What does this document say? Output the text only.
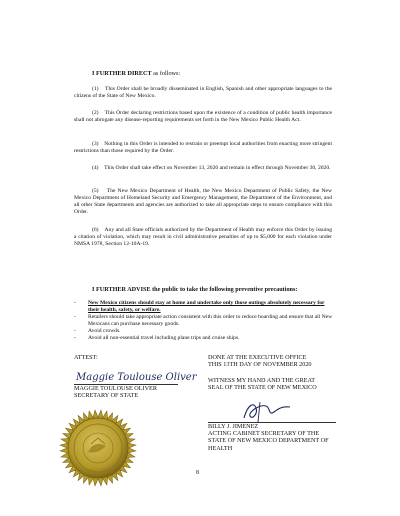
I FURTHER DIRECT as follows:
(1) This Order shall be broadly disseminated in English, Spanish and other appropriate languages to the citizens of the State of New Mexico.
(2) This Order declaring restrictions based upon the existence of a condition of public health importance shall not abrogate any disease-reporting requirements set forth in the New Mexico Public Health Act.
(3) Nothing in this Order is intended to restrain or preempt local authorities from enacting more stringent restrictions than those required by the Order.
(4) This Order shall take effect on November 13, 2020 and remain in effect through November 30, 2020.
(5) The New Mexico Department of Health, the New Mexico Department of Public Safety, the New Mexico Department of Homeland Security and Emergency Management, the Department of the Environment, and all other State departments and agencies are authorized to take all appropriate steps to ensure compliance with this Order.
(6) Any and all State officials authorized by the Department of Health may enforce this Order by issuing a citation of violation, which may result in civil administrative penalties of up to $5,000 for each violation under NMSA 1978, Section 12-10A-19.
I FURTHER ADVISE the public to take the following preventive precautions:
- New Mexico citizens should stay at home and undertake only those outings absolutely necessary for their health, safety, or welfare.
- Retailers should take appropriate action consistent with this order to reduce hoarding and ensure that all New Mexicans can purchase necessary goods.
- Avoid crowds.
- Avoid all non-essential travel including plane trips and cruise ships.
ATTEST:	DONE AT THE EXECUTIVE OFFICE
THIS 13TH DAY OF NOVEMBER 2020
Maggie Toulouse Oliver
MAGGIE TOULOUSE OLIVER
SECRETARY OF STATE
WITNESS MY HAND AND THE GREAT
SEAL OF THE STATE OF NEW MEXICO
BILLY J. JIMENEZ
ACTING CABINET SECRETARY OF THE
STATE OF NEW MEXICO DEPARTMENT OF
HEALTH
8
